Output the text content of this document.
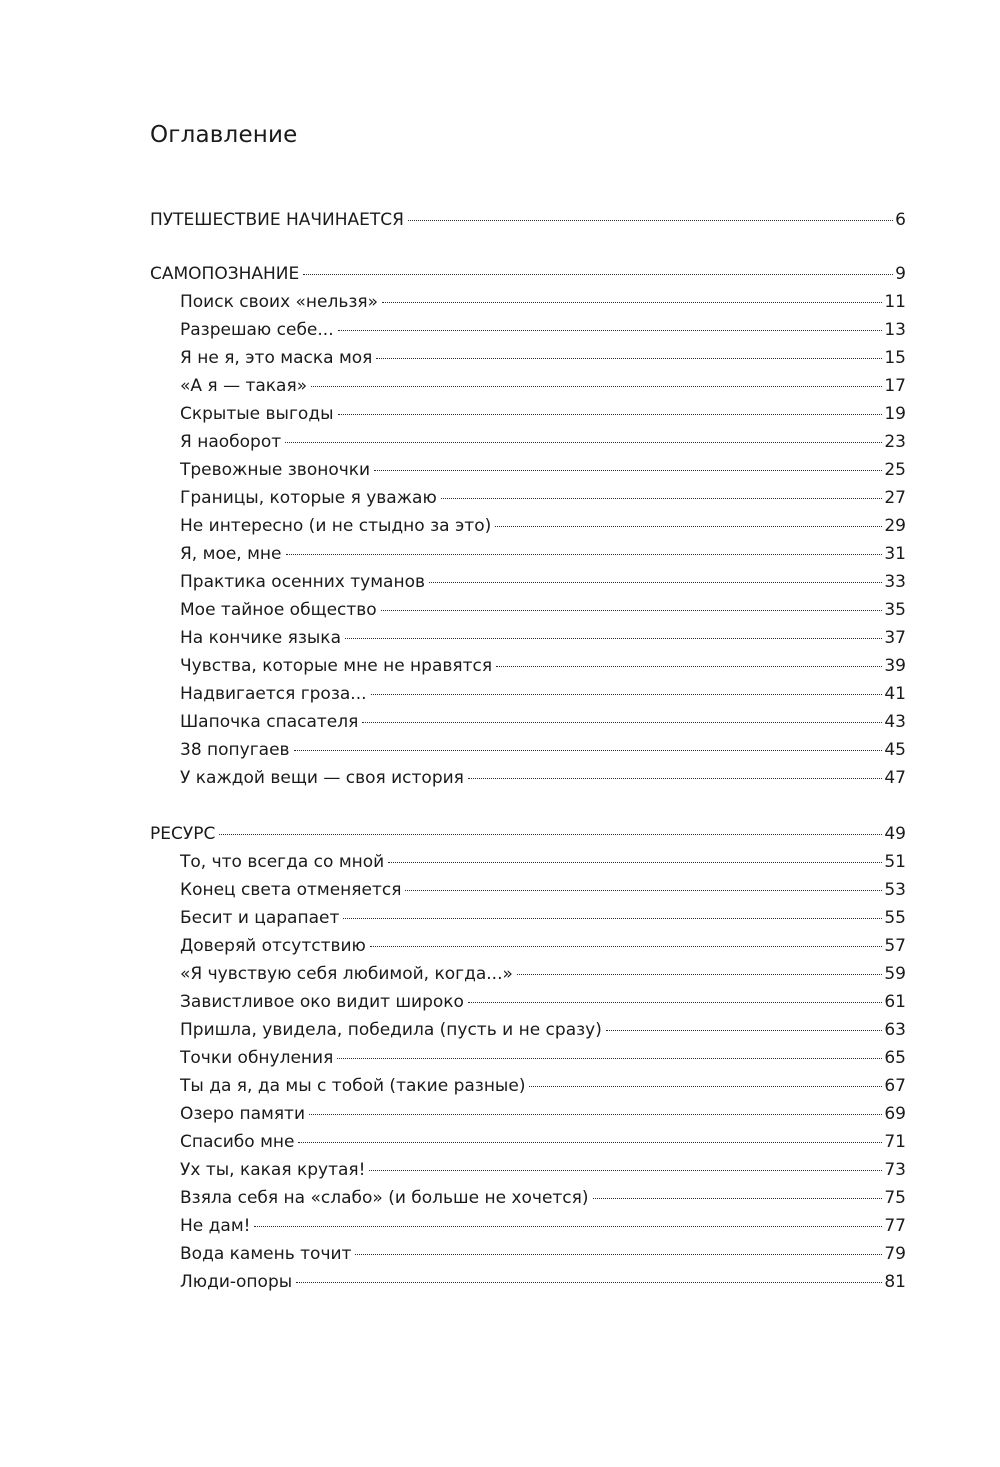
Оглавление
ПУТЕШЕСТВИЕ НАЧИНАЕТСЯ	6
САМОПОЗНАНИЕ	9
Поиск своих «нельзя»	11
Разрешаю себе...	13
Я не я, это маска моя	15
«А я — такая»	17
Скрытые выгоды	19
Я наоборот	23
Тревожные звоночки	25
Границы, которые я уважаю	27
Не интересно (и не стыдно за это)	29
Я, мое, мне	31
Практика осенних туманов	33
Мое тайное общество	35
На кончике языка	37
Чувства, которые мне не нравятся	39
Надвигается гроза...	41
Шапочка спасателя	43
38 попугаев	45
У каждой вещи — своя история	47
РЕСУРС	49
То, что всегда со мной	51
Конец света отменяется	53
Бесит и царапает	55
Доверяй отсутствию	57
«Я чувствую себя любимой, когда...»	59
Завистливое око видит широко	61
Пришла, увидела, победила (пусть и не сразу)	63
Точки обнуления	65
Ты да я, да мы с тобой (такие разные)	67
Озеро памяти	69
Спасибо мне	71
Ух ты, какая крутая!	73
Взяла себя на «слабо» (и больше не хочется)	75
Не дам!	77
Вода камень точит	79
Люди-опоры	81
